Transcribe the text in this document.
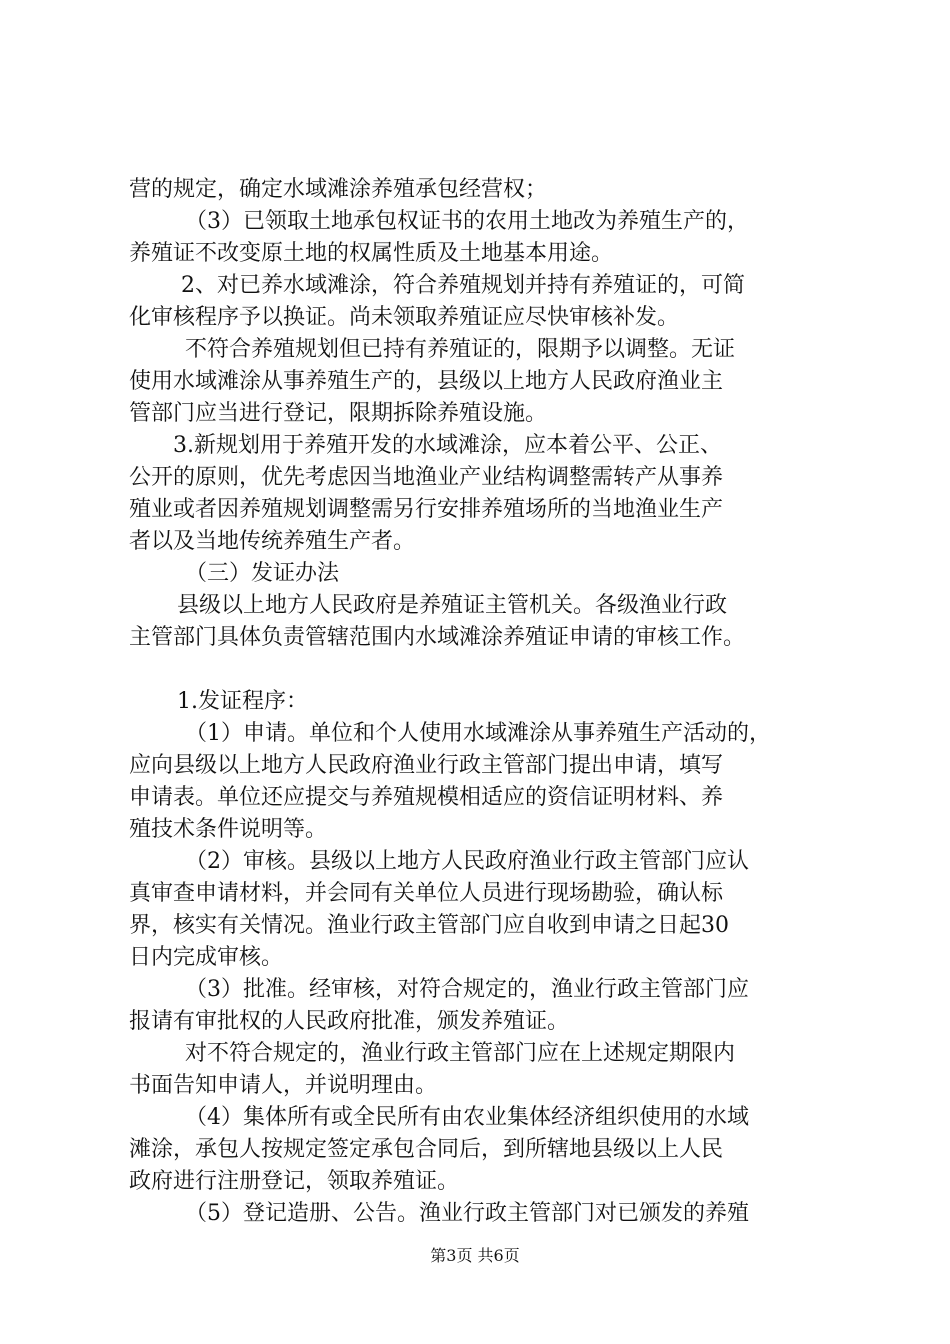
营的规定，确定水域滩涂养殖承包经营权；
（3）已领取土地承包权证书的农用土地改为养殖生产的，
养殖证不改变原土地的权属性质及土地基本用途。
2、对已养水域滩涂，符合养殖规划并持有养殖证的，可简
化审核程序予以换证。尚未领取养殖证应尽快审核补发。
不符合养殖规划但已持有养殖证的，限期予以调整。无证
使用水域滩涂从事养殖生产的，县级以上地方人民政府渔业主
管部门应当进行登记，限期拆除养殖设施。
3.新规划用于养殖开发的水域滩涂，应本着公平、公正、
公开的原则，优先考虑因当地渔业产业结构调整需转产从事养
殖业或者因养殖规划调整需另行安排养殖场所的当地渔业生产
者以及当地传统养殖生产者。
（三）发证办法
县级以上地方人民政府是养殖证主管机关。各级渔业行政
主管部门具体负责管辖范围内水域滩涂养殖证申请的审核工作。
1.发证程序：
（1）申请。单位和个人使用水域滩涂从事养殖生产活动的，
应向县级以上地方人民政府渔业行政主管部门提出申请，填写
申请表。单位还应提交与养殖规模相适应的资信证明材料、养
殖技术条件说明等。
（2）审核。县级以上地方人民政府渔业行政主管部门应认
真审查申请材料，并会同有关单位人员进行现场勘验，确认标
界，核实有关情况。渔业行政主管部门应自收到申请之日起30
日内完成审核。
（3）批准。经审核，对符合规定的，渔业行政主管部门应
报请有审批权的人民政府批准，颁发养殖证。
对不符合规定的，渔业行政主管部门应在上述规定期限内
书面告知申请人，并说明理由。
（4）集体所有或全民所有由农业集体经济组织使用的水域
滩涂，承包人按规定签定承包合同后，到所辖地县级以上人民
政府进行注册登记，领取养殖证。
（5）登记造册、公告。渔业行政主管部门对已颁发的养殖
第3页 共6页
